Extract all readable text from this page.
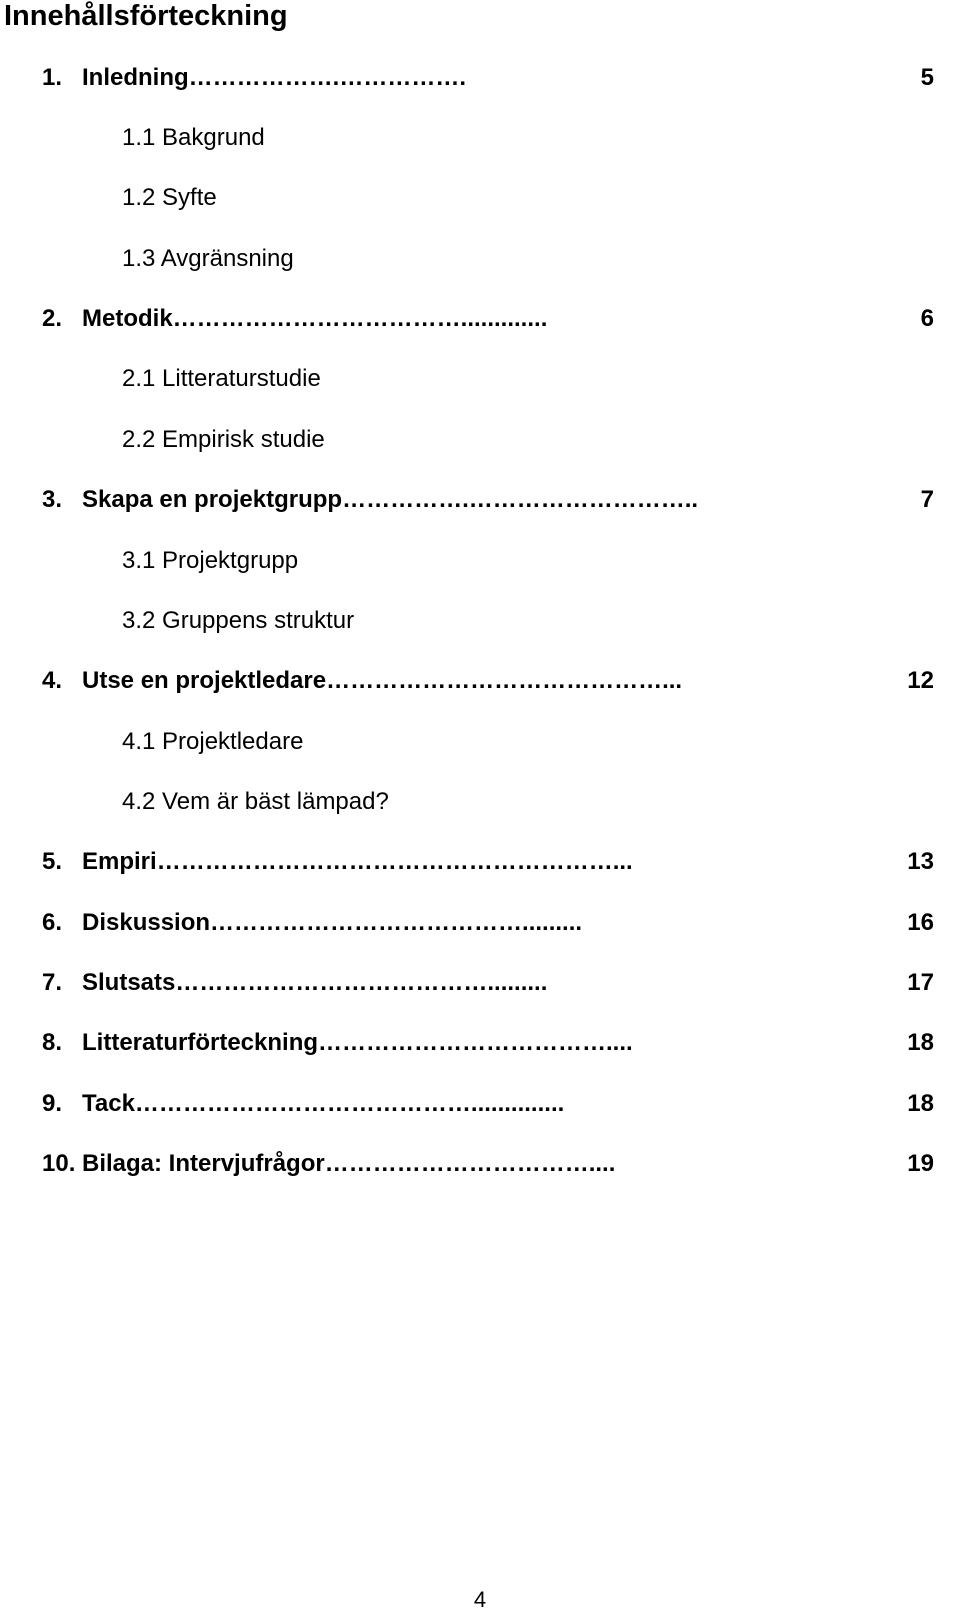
Innehållsförteckning
1. Inledning ……………….…………….	5
1.1 Bakgrund
1.2 Syfte
1.3 Avgränsning
2. Metodik ……………………………….............	6
2.1 Litteraturstudie
2.2 Empirisk studie
3. Skapa en projektgrupp …………….………………………..	7
3.1 Projektgrupp
3.2 Gruppens struktur
4. Utse en projektledare ……………………………………...	12
4.1 Projektledare
4.2 Vem är bäst lämpad?
5. Empiri …………………………………………………...	13
6. Diskussion ………………………………….........	16
7. Slutsats ………………………………….........	17
8. Litteraturförteckning ………………………………....	18
9. Tack ……………………………………..............	18
10. Bilaga: Intervjufrågor ……………………………....	19
4
